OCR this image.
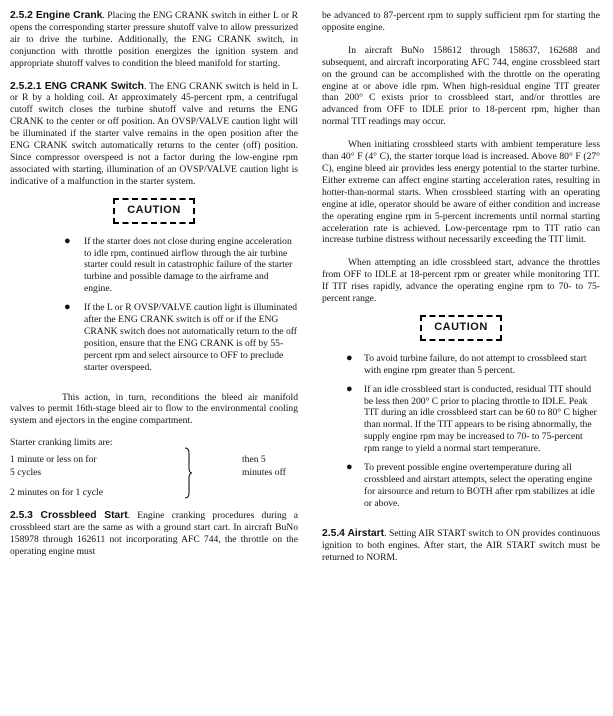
2.5.2 Engine Crank. Placing the ENG CRANK switch in either L or R opens the corresponding starter pressure shutoff valve to allow pressurized air to drive the turbine. Additionally, the ENG CRANK switch, in conjunction with throttle position energizes the ignition system and appropriate shutoff valves to condition the bleed manifold for starting.

2.5.2.1 ENG CRANK Switch. The ENG CRANK switch is held in L or R by a holding coil. At approximately 45-percent rpm, a centrifugal cutoff switch closes the turbine shutoff valve and returns the ENG CRANK to the center or off position. An OVSP/VALVE caution light will be illuminated if the starter valve remains in the open position after the ENG CRANK switch automatically returns to the center (off) position. Since compressor overspeed is not a factor during the low-engine rpm associated with starting, illumination of an OVSP/VALVE caution light is indicative of a malfunction in the starter system.

CAUTION
● If the starter does not close during engine acceleration to idle rpm, continued airflow through the air turbine starter could result in catastrophic failure of the starter turbine and possible damage to the airframe and engine.
● If the L or R OVSP/VALVE caution light is illuminated after the ENG CRANK switch is off or if the ENG CRANK switch does not automatically return to the off position, ensure that the ENG CRANK is off by 55-percent rpm and select airsource to OFF to preclude starter overspeed.

This action, in turn, reconditions the bleed air manifold valves to permit 16th-stage bleed air to flow to the environmental cooling system and ejectors in the engine compartment.

Starter cranking limits are:
1 minute or less on for
5 cycles
2 minutes on for 1 cycle
then 5
minutes off

2.5.3 Crossbleed Start. Engine cranking procedures during a crossbleed start are the same as with a ground start cart. In aircraft BuNo 158978 through 162611 not incorporating AFC 744, the throttle on the operating engine must

be advanced to 87-percent rpm to supply sufficient rpm for starting the opposite engine.

In aircraft BuNo 158612 through 158637, 162688 and subsequent, and aircraft incorporating AFC 744, engine crossbleed start on the ground can be accomplished with the throttle on the operating engine at or above idle rpm. When high-residual engine TIT greater than 200° C exists prior to crossbleed start, and/or throttles are advanced from OFF to IDLE prior to 18-percent rpm, higher than normal TIT readings may occur.

When initiating crossbleed starts with ambient temperature less than 40° F (4° C), the starter torque load is increased. Above 80° F (27° C), engine bleed air provides less energy potential to the starter turbine. Either extreme can affect engine starting acceleration rates, resulting in hotter-than-normal starts. When crossbleed starting with an operating engine at idle, operator should be aware of either condition and increase the operating engine rpm in 5-percent increments until normal starting acceleration rate is achieved. Low-percentage rpm to TIT ratio can increase turbine distress without necessarily exceeding the TIT limit.

When attempting an idle crossbleed start, advance the throttles from OFF to IDLE at 18-percent rpm or greater while monitoring TIT. If TIT rises rapidly, advance the operating engine rpm to 70- to 75-percent range.

CAUTION
● To avoid turbine failure, do not attempt to crossbleed start with engine rpm greater than 5 percent.
● If an idle crossbleed start is conducted, residual TIT should be less then 200° C prior to placing throttle to IDLE. Peak TIT during an idle crossbleed start can be 60 to 80° C higher than normal. If the TIT appears to be rising abnormally, the supply engine rpm may be increased to 70- to 75-percent rpm range to yield a normal start temperature.
● To prevent possible engine overtemperature during all crossbleed and airstart attempts, select the operating engine for airsource and return to BOTH after rpm stabilizes at idle or above.

2.5.4 Airstart. Setting AIR START switch to ON provides continuous ignition to both engines. After start, the AIR START switch must be returned to NORM.
